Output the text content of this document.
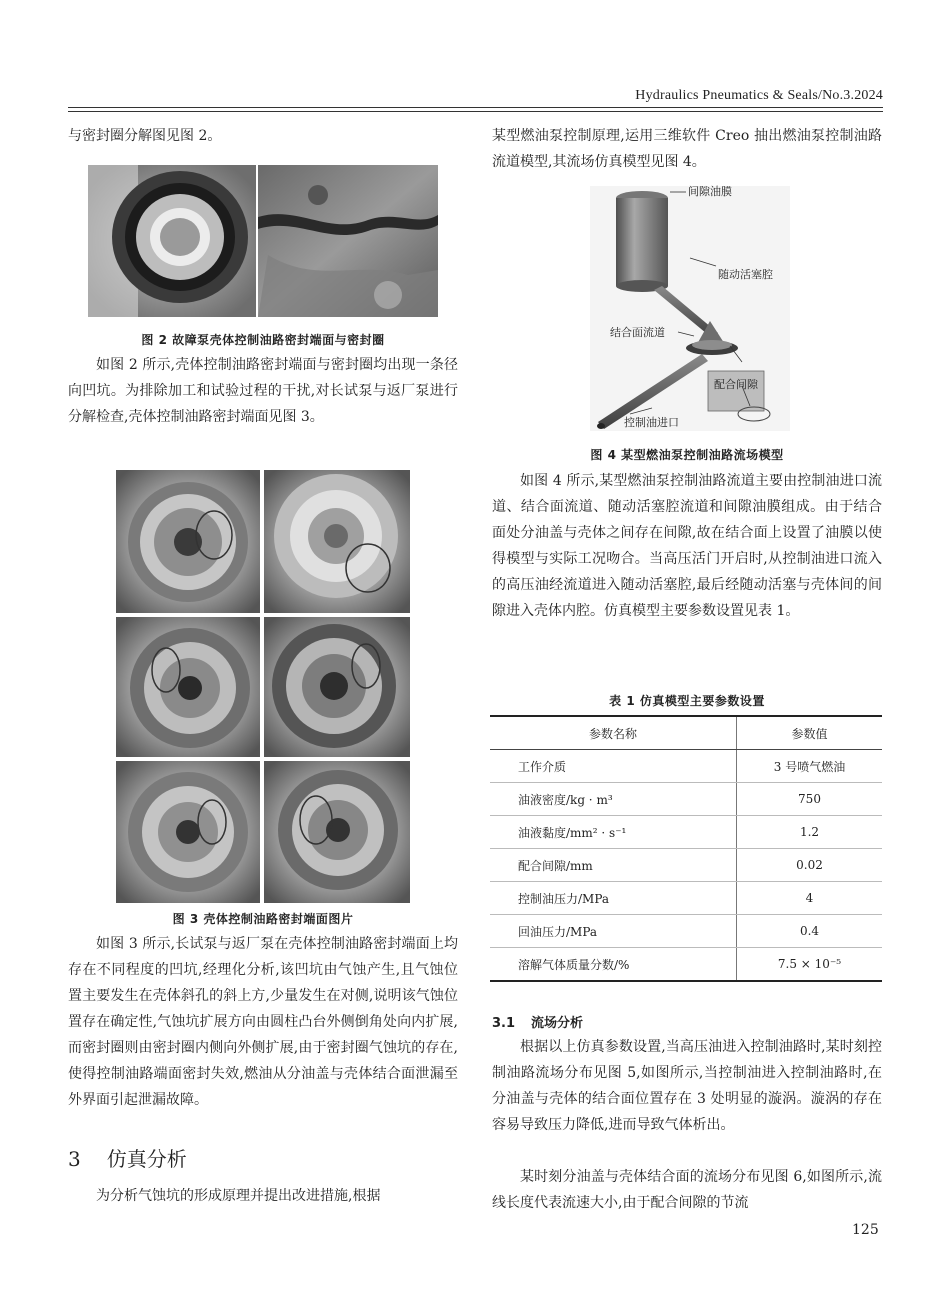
Hydraulics Pneumatics & Seals/No.3.2024

与密封圈分解图见图 2。

图 2 故障泵壳体控制油路密封端面与密封圈

如图 2 所示,壳体控制油路密封端面与密封圈均出现一条径向凹坑。为排除加工和试验过程的干扰,对长试泵与返厂泵进行分解检查,壳体控制油路密封端面见图 3。

图 3 壳体控制油路密封端面图片

如图 3 所示,长试泵与返厂泵在壳体控制油路密封端面上均存在不同程度的凹坑,经理化分析,该凹坑由气蚀产生,且气蚀位置主要发生在壳体斜孔的斜上方,少量发生在对侧,说明该气蚀位置存在确定性,气蚀坑扩展方向由圆柱凸台外侧倒角处向内扩展,而密封圈则由密封圈内侧向外侧扩展,由于密封圈气蚀坑的存在,使得控制油路端面密封失效,燃油从分油盖与壳体结合面泄漏至外界面引起泄漏故障。

3 仿真分析

为分析气蚀坑的形成原理并提出改进措施,根据

某型燃油泵控制原理,运用三维软件 Creo 抽出燃油泵控制油路流道模型,其流场仿真模型见图 4。

间隙油膜
随动活塞腔
结合面流道
配合间隙
控制油进口
图 4 某型燃油泵控制油路流场模型

如图 4 所示,某型燃油泵控制油路流道主要由控制油进口流道、结合面流道、随动活塞腔流道和间隙油膜组成。由于结合面处分油盖与壳体之间存在间隙,故在结合面上设置了油膜以使得模型与实际工况吻合。当高压活门开启时,从控制油进口流入的高压油经流道进入随动活塞腔,最后经随动活塞与壳体间的间隙进入壳体内腔。仿真模型主要参数设置见表 1。

表 1 仿真模型主要参数设置
参数名称	参数值
工作介质	3 号喷气燃油
油液密度/kg · m³	750
油液黏度/mm² · s⁻¹	1.2
配合间隙/mm	0.02
控制油压力/MPa	4
回油压力/MPa	0.4
溶解气体质量分数/%	7.5 × 10⁻⁵
3.1 流场分析

根据以上仿真参数设置,当高压油进入控制油路时,某时刻控制油路流场分布见图 5,如图所示,当控制油进入控制油路时,在分油盖与壳体的结合面位置存在 3 处明显的漩涡。漩涡的存在容易导致压力降低,进而导致气体析出。

某时刻分油盖与壳体结合面的流场分布见图 6,如图所示,流线长度代表流速大小,由于配合间隙的节流

125
